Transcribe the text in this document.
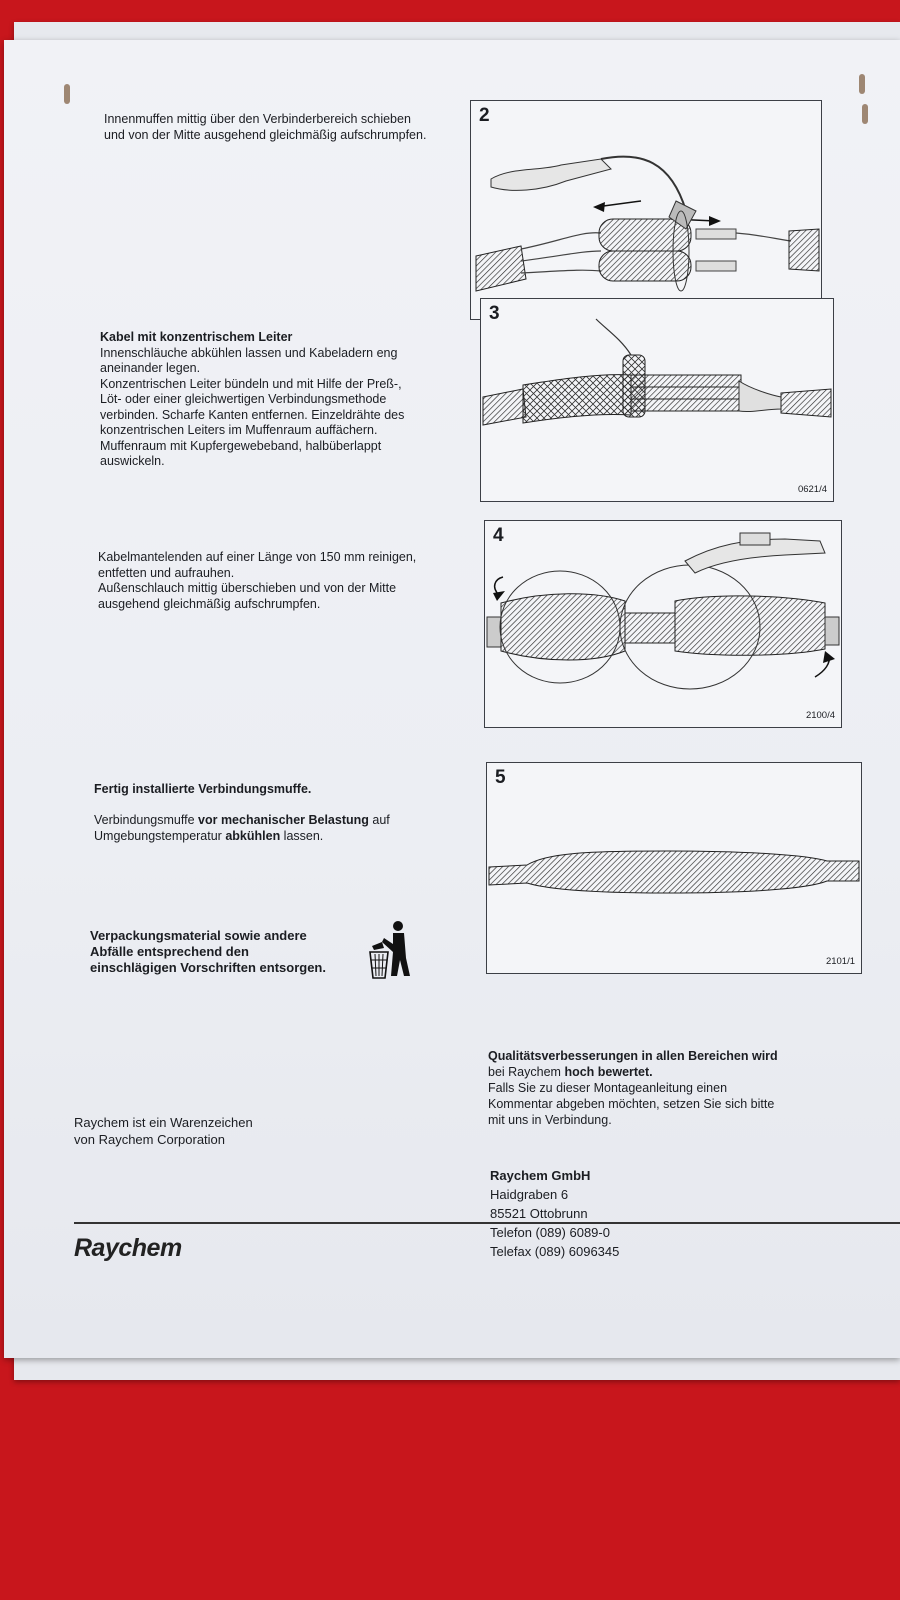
Innenmuffen mittig über den Verbinderbereich schieben

und von der Mitte ausgehend gleichmäßig aufschrumpfen.

2

Kabel mit konzentrischem Leiter

Innenschläuche abkühlen lassen und Kabeladern eng

aneinander legen.

Konzentrischen Leiter bündeln und mit Hilfe der Preß-,

Löt- oder einer gleichwertigen Verbindungsmethode

verbinden. Scharfe Kanten entfernen. Einzeldrähte des

konzentrischen Leiters im Muffenraum auffächern.

Muffenraum mit Kupfergewebeband, halbüberlappt

auswickeln.

3
0621/4

Kabelmantelenden auf einer Länge von 150 mm reinigen,

entfetten und aufrauhen.

Außenschlauch mittig überschieben und von der Mitte

ausgehend gleichmäßig aufschrumpfen.

4
2100/4

Fertig installierte Verbindungsmuffe.

Verbindungsmuffe vor mechanischer Belastung auf

Umgebungstemperatur abkühlen lassen.

5
2101/1

Verpackungsmaterial sowie andere

Abfälle entsprechend den

einschlägigen Vorschriften entsorgen.

Qualitätsverbesserungen in allen Bereichen wird

bei Raychem hoch bewertet.

Falls Sie zu dieser Montageanleitung einen

Kommentar abgeben möchten, setzen Sie sich bitte

mit uns in Verbindung.

Raychem ist ein Warenzeichen

von Raychem Corporation

Raychem

Raychem GmbH

Haidgraben 6

85521 Ottobrunn

Telefon (089) 6089-0

Telefax (089) 6096345
